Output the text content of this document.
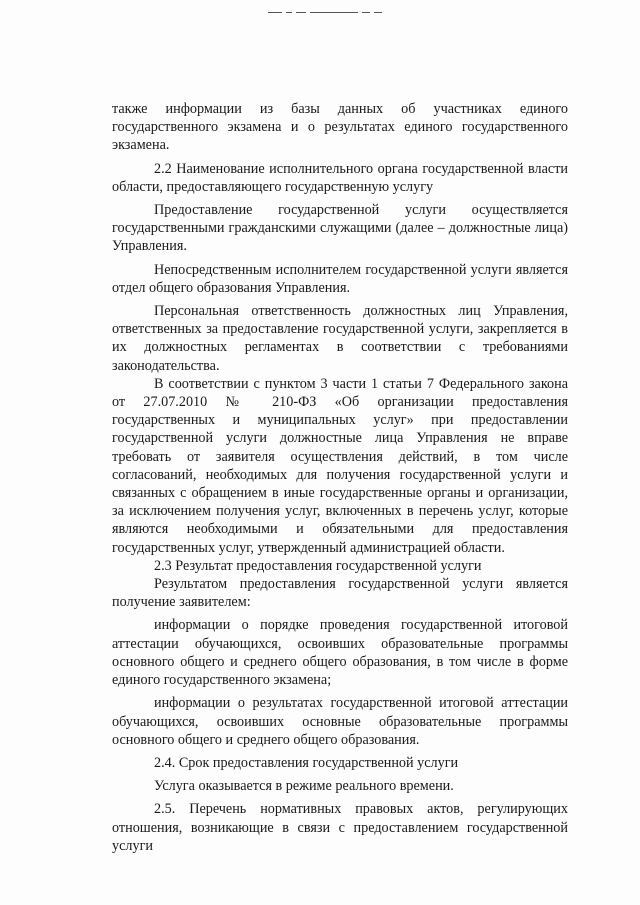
также информации из базы данных об участниках единого государственного экзамена и о результатах единого государственного экзамена.

2.2 Наименование исполнительного органа государственной власти области, предоставляющего государственную услугу

Предоставление государственной услуги осуществляется государственными гражданскими служащими (далее – должностные лица) Управления.

Непосредственным исполнителем государственной услуги является отдел общего образования Управления.

Персональная ответственность должностных лиц Управления, ответственных за предоставление государственной услуги, закрепляется в их должностных регламентах в соответствии с требованиями законодательства.

В соответствии с пунктом 3 части 1 статьи 7 Федерального закона от 27.07.2010 № 210-ФЗ «Об организации предоставления государственных и муниципальных услуг» при предоставлении государственной услуги должностные лица Управления не вправе требовать от заявителя осуществления действий, в том числе согласований, необходимых для получения государственной услуги и связанных с обращением в иные государственные органы и организации, за исключением получения услуг, включенных в перечень услуг, которые являются необходимыми и обязательными для предоставления государственных услуг, утвержденный администрацией области.

2.3 Результат предоставления государственной услуги

Результатом предоставления государственной услуги является получение заявителем:

информации о порядке проведения государственной итоговой аттестации обучающихся, освоивших образовательные программы основного общего и среднего общего образования, в том числе в форме единого государственного экзамена;

информации о результатах государственной итоговой аттестации обучающихся, освоивших основные образовательные программы основного общего и среднего общего образования.

2.4. Срок предоставления государственной услуги

Услуга оказывается в режиме реального времени.

2.5. Перечень нормативных правовых актов, регулирующих отношения, возникающие в связи с предоставлением государственной услуги
